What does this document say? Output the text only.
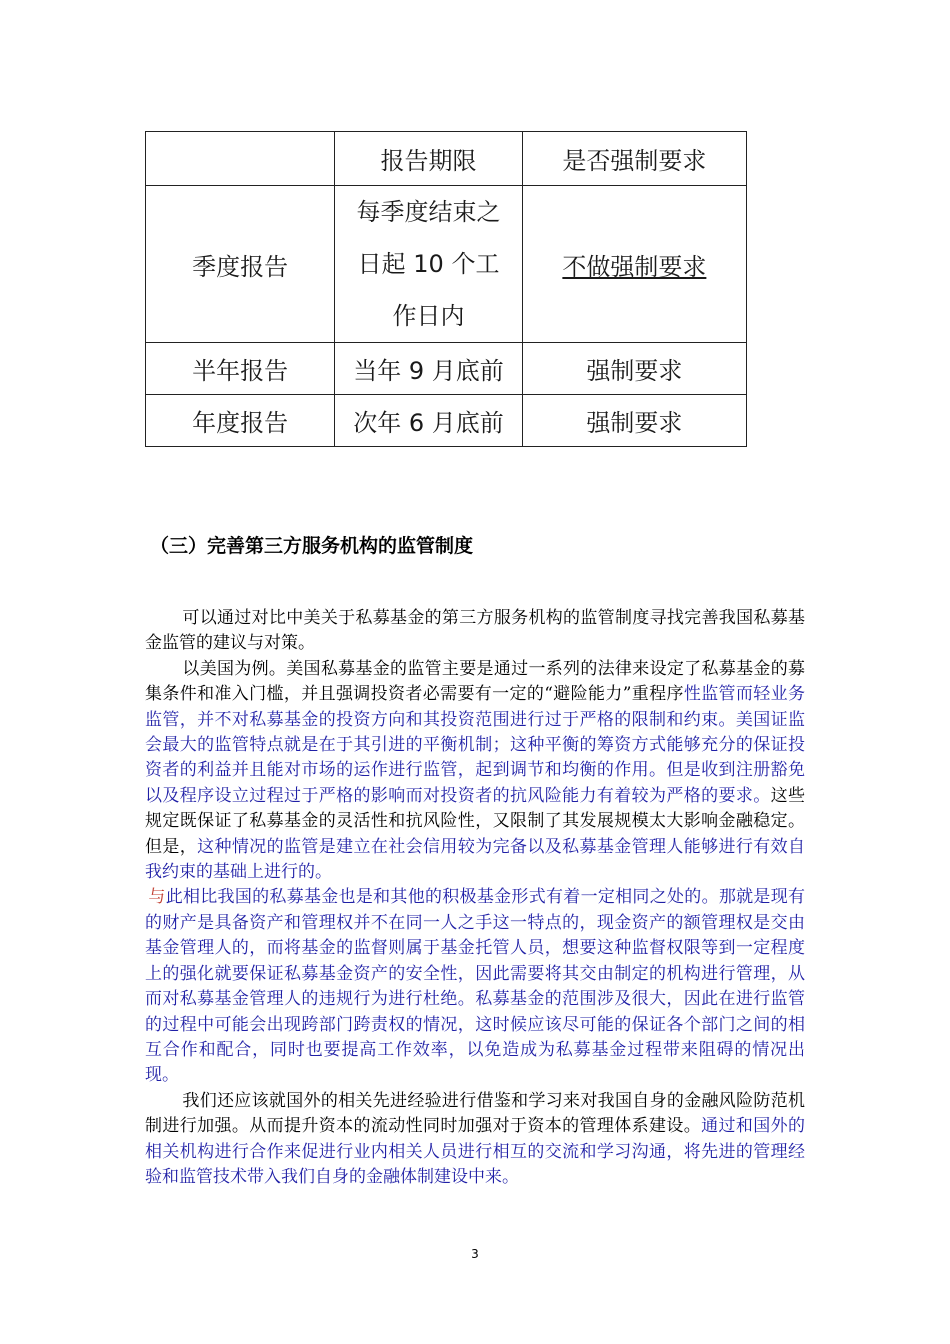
	报告期限	是否强制要求
季度报告	每季度结束之
日起 10 个工
作日内	不做强制要求
半年报告	当年 9 月底前	强制要求
年度报告	次年 6 月底前	强制要求
（三）完善第三方服务机构的监管制度

可以通过对比中美关于私募基金的第三方服务机构的监管制度寻找完善我国私募基金监管的建议与对策。

以美国为例。美国私募基金的监管主要是通过一系列的法律来设定了私募基金的募集条件和准入门槛，并且强调投资者必需要有一定的“避险能力”重程序性监管而轻业务监管，并不对私募基金的投资方向和其投资范围进行过于严格的限制和约束。美国证监会最大的监管特点就是在于其引进的平衡机制；这种平衡的筹资方式能够充分的保证投资者的利益并且能对市场的运作进行监管，起到调节和均衡的作用。但是收到注册豁免以及程序设立过程过于严格的影响而对投资者的抗风险能力有着较为严格的要求。这些规定既保证了私募基金的灵活性和抗风险性，又限制了其发展规模太大影响金融稳定。但是，这种情况的监管是建立在社会信用较为完备以及私募基金管理人能够进行有效自我约束的基础上进行的。

与此相比我国的私募基金也是和其他的积极基金形式有着一定相同之处的。那就是现有的财产是具备资产和管理权并不在同一人之手这一特点的，现金资产的额管理权是交由基金管理人的，而将基金的监督则属于基金托管人员，想要这种监督权限等到一定程度上的强化就要保证私募基金资产的安全性，因此需要将其交由制定的机构进行管理，从而对私募基金管理人的违规行为进行杜绝。私募基金的范围涉及很大，因此在进行监管的过程中可能会出现跨部门跨责权的情况，这时候应该尽可能的保证各个部门之间的相互合作和配合，同时也要提高工作效率，以免造成为私募基金过程带来阻碍的情况出现。

我们还应该就国外的相关先进经验进行借鉴和学习来对我国自身的金融风险防范机制进行加强。从而提升资本的流动性同时加强对于资本的管理体系建设。通过和国外的相关机构进行合作来促进行业内相关人员进行相互的交流和学习沟通，将先进的管理经验和监管技术带入我们自身的金融体制建设中来。

3
